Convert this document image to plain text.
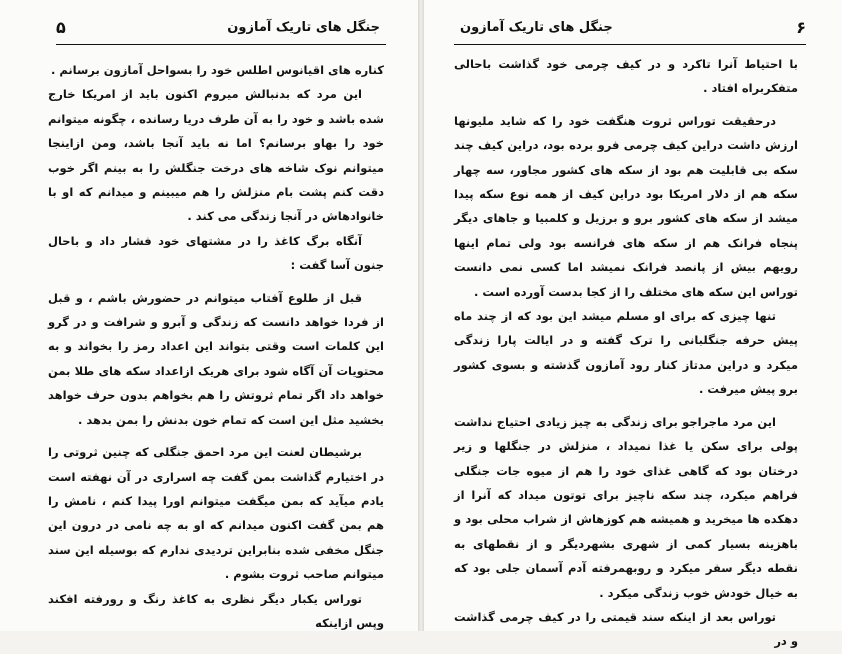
جنگل های تاریک آمازون
۵

کناره های اقیانوس اطلس خود را بسواحل آمازون برسانم .

این مرد که بدنبالش میروم اکنون باید از امریکا خارج شده باشد و خود را به آن طرف دریا رسانده ، چگونه میتوانم خود را بهاو برسانم؟ اما نه باید آنجا باشد، ومن ازاینجا میتوانم نوک شاخه های درخت جنگلش را به بینم اگر خوب دقت کنم پشت بام منزلش را هم میبینم و میدانم که او با خانوادهاش در آنجا زندگی می کند .

آنگاه برگ کاغذ را در مشتهای خود فشار داد و باحال جنون آسا گفت :

قبل از طلوع آفتاب میتوانم در حضورش باشم ، و قبل از فردا خواهد دانست که زندگی و آبرو و شرافت و در گرو این کلمات است وقتی بتواند این اعداد رمز را بخواند و به محتویات آن آگاه شود برای هریک ازاعداد سکه های طلا بمن خواهد داد اگر تمام ثروتش را هم بخواهم بدون حرف خواهد بخشید مثل این است که تمام خون بدنش را بمن بدهد .

برشیطان لعنت این مرد احمق جنگلی که چنین ثروتی را در اختیارم گذاشت بمن گفت چه اسراری در آن نهفته است یادم میآید که بمن میگفت میتوانم اورا پیدا کنم ، نامش را هم بمن گفت اکنون میدانم که او به چه نامی در درون این جنگل مخفی شده بنابراین تردیدی ندارم که بوسیله این سند میتوانم صاحب ثروت بشوم .

توراس یکبار دیگر نظری به کاغذ رنگ و رورفته افکند وپس ازاینکه

۶
جنگل های تاریک آمازون

با احتیاط آنرا تاکرد و در کیف چرمی خود گذاشت باحالی متفکربراه افتاد .

درحقیقت توراس ثروت هنگفت خود را که شاید ملیونها ارزش داشت دراین کیف چرمی فرو برده بود، دراین کیف چند سکه بی قابلیت هم بود از سکه های کشور مجاور، سه چهار سکه هم از دلار امریکا بود دراین کیف از همه نوع سکه پیدا میشد از سکه های کشور برو و برزیل و کلمبیا و جاهای دیگر پنجاه فرانک هم از سکه های فرانسه بود ولی تمام اینها رویهم بیش از پانصد فرانک نمیشد اما کسی نمی دانست توراس این سکه های مختلف را از کجا بدست آورده است .

تنها چیزی که برای او مسلم میشد این بود که از چند ماه پیش حرفه جنگلبانی را ترک گفته و در ایالت پارا زندگی میکرد و دراین مدتاز کنار رود آمازون گذشته و بسوی کشور برو پیش میرفت .

این مرد ماجراجو برای زندگی به چیز زیادی احتیاج نداشت پولی برای سکن یا غذا نمیداد ، منزلش در جنگلها و زیر درختان بود که گاهی غذای خود را هم از میوه جات جنگلی فراهم میکرد، چند سکه ناچیز برای توتون میداد که آنرا از دهکده ها میخرید و همیشه هم کوزهاش از شراب محلی بود و باهزینه بسیار کمی از شهری بشهردیگر و از نقطهای به نقطه دیگر سفر میکرد و روبهمرفته آدم آسمان جلی بود که به خیال خودش خوب زندگی میکرد .

توراس بعد از اینکه سند قیمتی را در کیف چرمی گذاشت و در
